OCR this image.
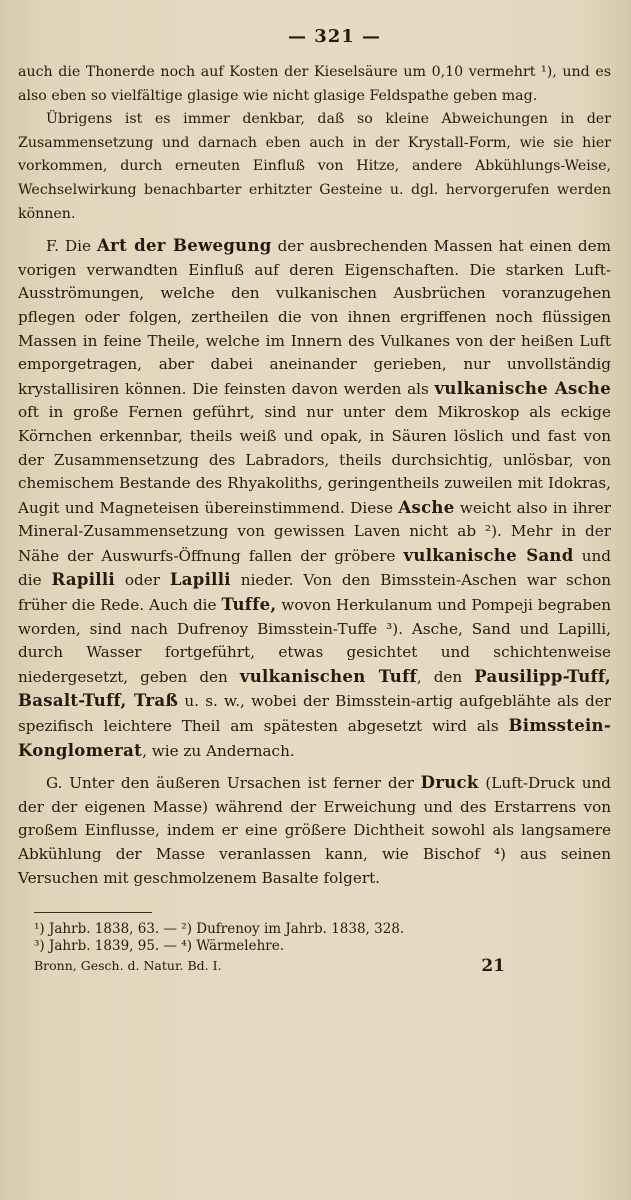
— 321 —

auch die Thonerde noch auf Kosten der Kieselsäure um 0,10 vermehrt ¹), und es also eben so vielfältige glasige wie nicht glasige Feldspathe geben mag.

Übrigens ist es immer denkbar, daß so kleine Abweichungen in der Zusammensetzung und darnach eben auch in der Krystall-Form, wie sie hier vorkommen, durch erneuten Einfluß von Hitze, andere Abkühlungs-Weise, Wechselwirkung benachbarter erhitzter Gesteine u. dgl. hervorgerufen werden können.

F. Die Art der Bewegung der ausbrechenden Massen hat einen dem vorigen verwandten Einfluß auf deren Eigenschaften. Die starken Luft-Ausströmungen, welche den vulkanischen Ausbrüchen voranzugehen pflegen oder folgen, zertheilen die von ihnen ergriffenen noch flüssigen Massen in feine Theile, welche im Innern des Vulkanes von der heißen Luft emporgetragen, aber dabei aneinander gerieben, nur unvollständig krystallisiren können. Die feinsten davon werden als vulkanische Asche oft in große Fernen geführt, sind nur unter dem Mikroskop als eckige Körnchen erkennbar, theils weiß und opak, in Säuren löslich und fast von der Zusammensetzung des Labradors, theils durchsichtig, unlösbar, von chemischem Bestande des Rhyakoliths, geringentheils zuweilen mit Idokras, Augit und Magneteisen übereinstimmend. Diese Asche weicht also in ihrer Mineral-Zusammensetzung von gewissen Laven nicht ab ²). Mehr in der Nähe der Auswurfs-Öffnung fallen der gröbere vulkanische Sand und die Rapilli oder Lapilli nieder. Von den Bimsstein-Aschen war schon früher die Rede. Auch die Tuffe, wovon Herkulanum und Pompeji begraben worden, sind nach Dufrenoy Bimsstein-Tuffe ³). Asche, Sand und Lapilli, durch Wasser fortgeführt, etwas gesichtet und schichtenweise niedergesetzt, geben den vulkanischen Tuff, den Pausilipp-Tuff, Basalt-Tuff, Traß u. s. w., wobei der Bimsstein-artig aufgeblähte als der spezifisch leichtere Theil am spätesten abgesetzt wird als Bimsstein-Konglomerat, wie zu Andernach.

G. Unter den äußeren Ursachen ist ferner der Druck (Luft-Druck und der der eigenen Masse) während der Erweichung und des Erstarrens von großem Einflusse, indem er eine größere Dichtheit sowohl als langsamere Abkühlung der Masse veranlassen kann, wie Bischof ⁴) aus seinen Versuchen mit geschmolzenem Basalte folgert.

¹) Jahrb. 1838, 63. — ²) Dufrenoy im Jahrb. 1838, 328.

³) Jahrb. 1839, 95. — ⁴) Wärmelehre.

Bronn, Gesch. d. Natur. Bd. I.	21
